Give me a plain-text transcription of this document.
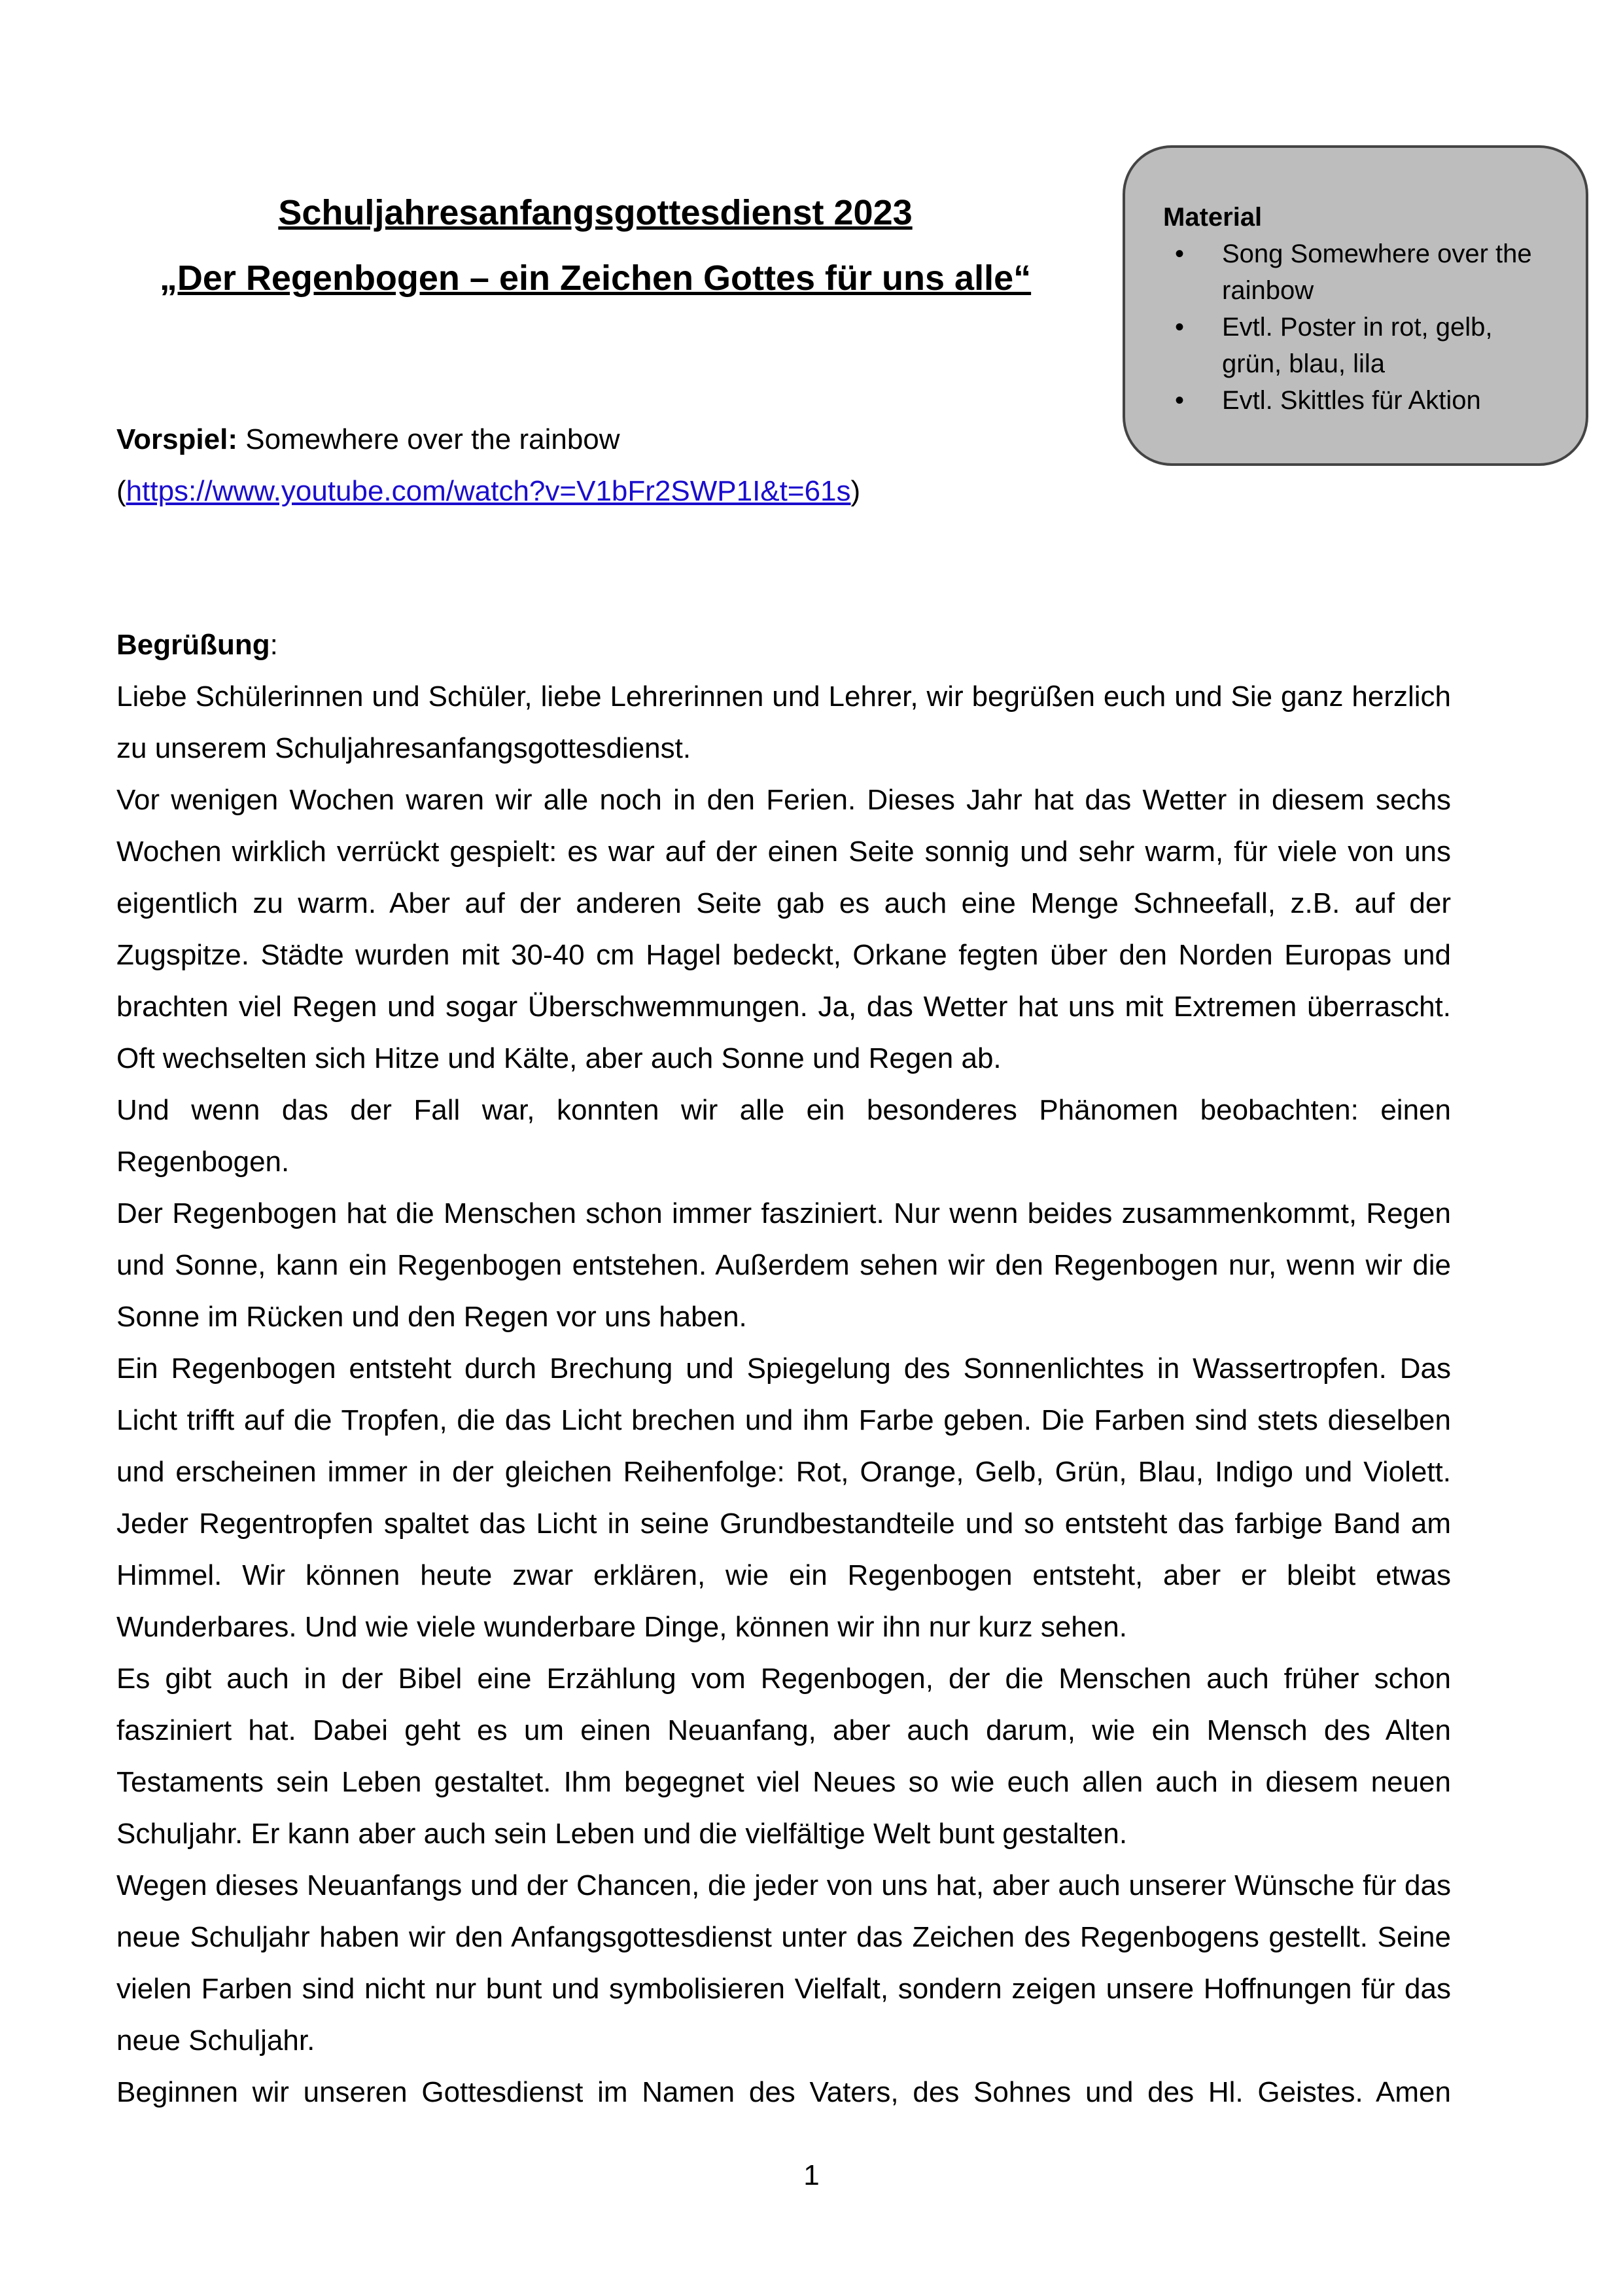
Schuljahresanfangsgottesdienst 2023
„Der Regenbogen – ein Zeichen Gottes für uns alle“
Material
• Song Somewhere over the rainbow
• Evtl. Poster in rot, gelb, grün, blau, lila
• Evtl. Skittles für Aktion

Vorspiel: Somewhere over the rainbow

(https://www.youtube.com/watch?v=V1bFr2SWP1I&t=61s)

Begrüßung:

Liebe Schülerinnen und Schüler, liebe Lehrerinnen und Lehrer, wir begrüßen euch und Sie ganz herzlich zu unserem Schuljahresanfangsgottesdienst.

Vor wenigen Wochen waren wir alle noch in den Ferien. Dieses Jahr hat das Wetter in diesem sechs Wochen wirklich verrückt gespielt: es war auf der einen Seite sonnig und sehr warm, für viele von uns eigentlich zu warm. Aber auf der anderen Seite gab es auch eine Menge Schneefall, z.B. auf der Zugspitze. Städte wurden mit 30-40 cm Hagel bedeckt, Orkane fegten über den Norden Europas und brachten viel Regen und sogar Überschwemmungen. Ja, das Wetter hat uns mit Extremen überrascht. Oft wechselten sich Hitze und Kälte, aber auch Sonne und Regen ab.

Und wenn das der Fall war, konnten wir alle ein besonderes Phänomen beobachten: einen Regenbogen.

Der Regenbogen hat die Menschen schon immer fasziniert. Nur wenn beides zusammenkommt, Regen und Sonne, kann ein Regenbogen entstehen. Außerdem sehen wir den Regenbogen nur, wenn wir die Sonne im Rücken und den Regen vor uns haben.

Ein Regenbogen entsteht durch Brechung und Spiegelung des Sonnenlichtes in Wassertropfen. Das Licht trifft auf die Tropfen, die das Licht brechen und ihm Farbe geben. Die Farben sind stets dieselben und erscheinen immer in der gleichen Reihenfolge: Rot, Orange, Gelb, Grün, Blau, Indigo und Violett. Jeder Regentropfen spaltet das Licht in seine Grundbestandteile und so entsteht das farbige Band am Himmel. Wir können heute zwar erklären, wie ein Regenbogen entsteht, aber er bleibt etwas Wunderbares. Und wie viele wunderbare Dinge, können wir ihn nur kurz sehen.

Es gibt auch in der Bibel eine Erzählung vom Regenbogen, der die Menschen auch früher schon fasziniert hat. Dabei geht es um einen Neuanfang, aber auch darum, wie ein Mensch des Alten Testaments sein Leben gestaltet. Ihm begegnet viel Neues so wie euch allen auch in diesem neuen Schuljahr. Er kann aber auch sein Leben und die vielfältige Welt bunt gestalten.

Wegen dieses Neuanfangs und der Chancen, die jeder von uns hat, aber auch unserer Wünsche für das neue Schuljahr haben wir den Anfangsgottesdienst unter das Zeichen des Regenbogens gestellt. Seine vielen Farben sind nicht nur bunt und symbolisieren Vielfalt, sondern zeigen unsere Hoffnungen für das neue Schuljahr.

Beginnen wir unseren Gottesdienst im Namen des Vaters, des Sohnes und des Hl. Geistes. Amen

1
